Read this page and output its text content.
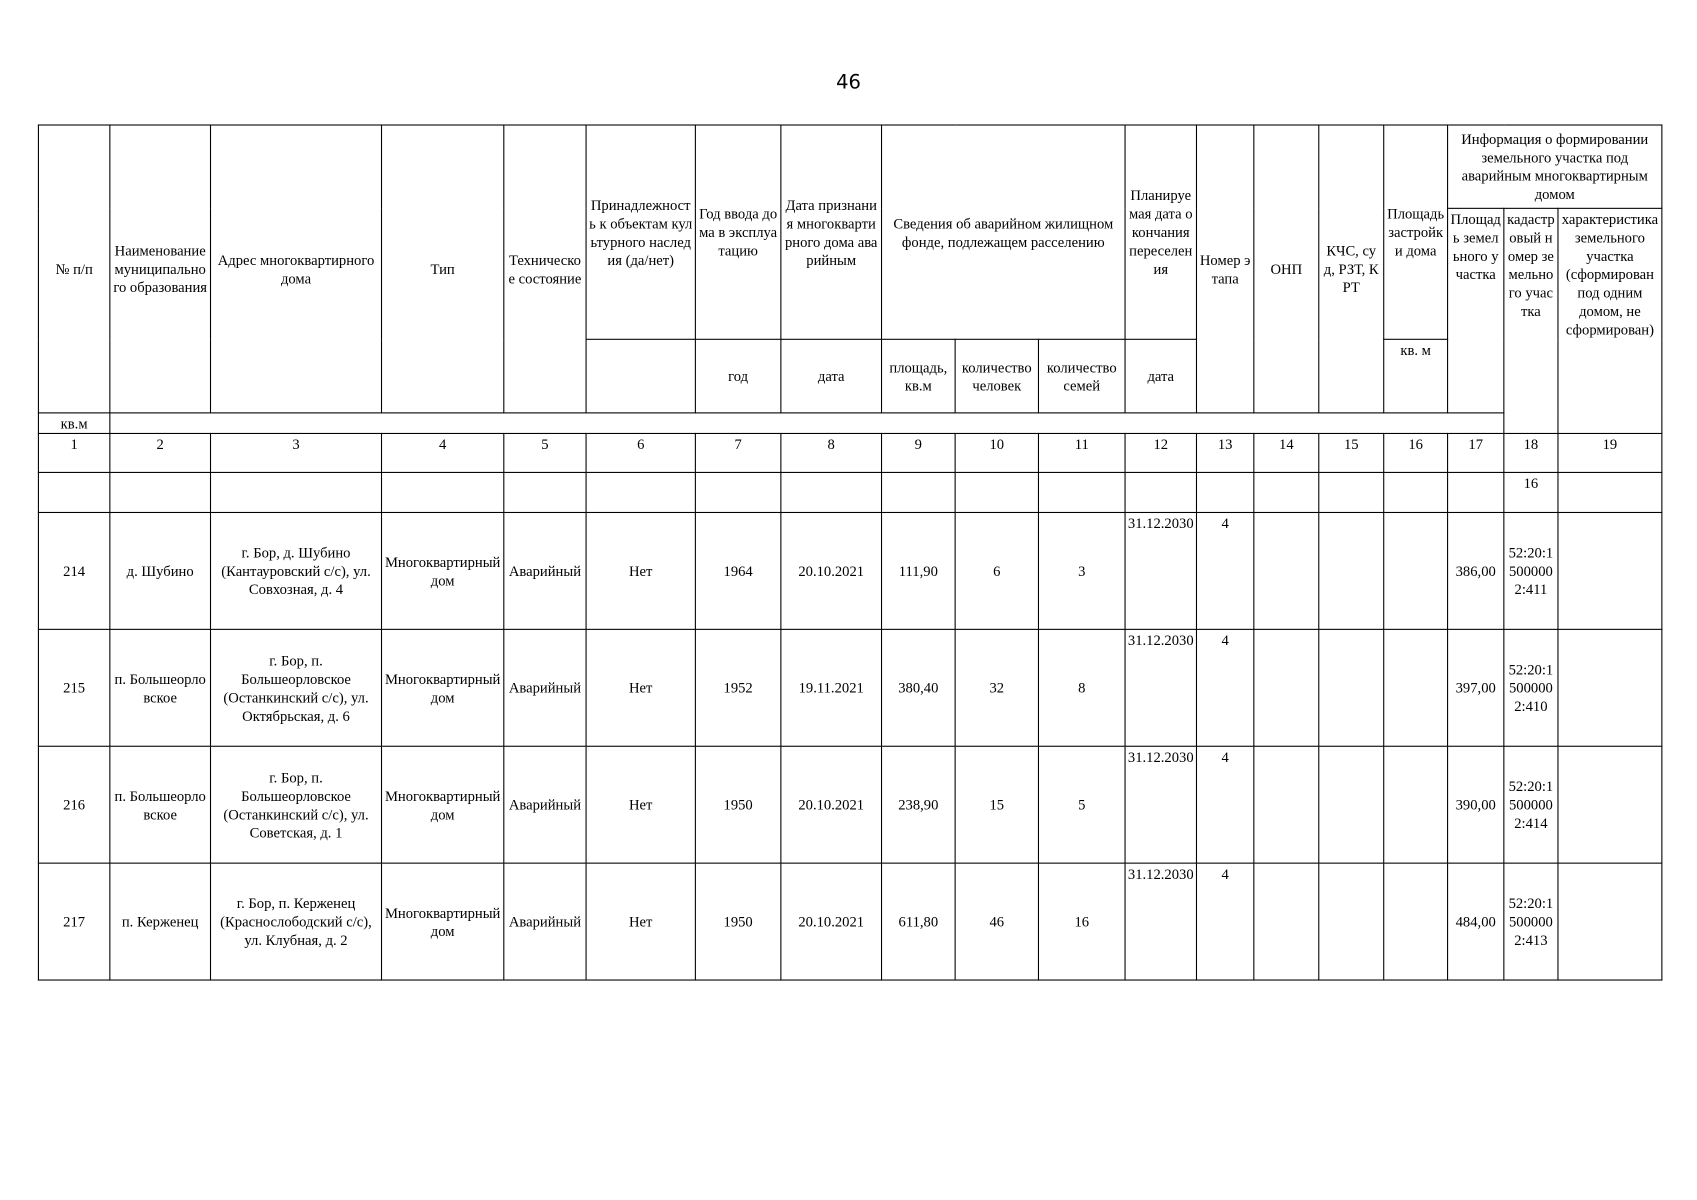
46
№ п/п	Наименование муниципального образования	Адрес многоквартирного дома	Тип	Техническое состояние	Принадлежность к объектам культурного наследия (да/нет)	Год ввода дома в эксплуатацию	Дата признания многоквартирного дома аварийным	Сведения об аварийном жилищном фонде, подлежащем расселению			Планируемая дата окончания переселения	Номер этапа	ОНП	КЧС, суд, РЗТ, КРТ	Площадь застройки дома	Информация о формировании земельного участка под аварийным многоквартирным домом		
																Площадь земельного участка	кадастровый номер земельного участка	характеристика земельного участка (сформирован под одним домом, не сформирован)
						год	дата	площадь, кв.м	количество человек	количество семей	дата				кв. м			
кв.м																		
1	2	3	4	5	6	7	8	9	10	11	12	13	14	15	16	17	18	19
																	16	
214	д. Шубино	г. Бор, д. Шубино (Кантауровский с/с), ул. Совхозная, д. 4	Многоквартирный дом	Аварийный	Нет	1964	20.10.2021	111,90	6	3	31.12.2030	4				386,00	52:20:15000002:411	
215	п. Большеорловское	г. Бор, п. Большеорловское (Останкинский с/с), ул. Октябрьская, д. 6	Многоквартирный дом	Аварийный	Нет	1952	19.11.2021	380,40	32	8	31.12.2030	4				397,00	52:20:15000002:410	
216	п. Большеорловское	г. Бор, п. Большеорловское (Останкинский с/с), ул. Советская, д. 1	Многоквартирный дом	Аварийный	Нет	1950	20.10.2021	238,90	15	5	31.12.2030	4				390,00	52:20:15000002:414	
217	п. Керженец	г. Бор, п. Керженец (Краснослободский с/с), ул. Клубная, д. 2	Многоквартирный дом	Аварийный	Нет	1950	20.10.2021	611,80	46	16	31.12.2030	4				484,00	52:20:15000002:413	
